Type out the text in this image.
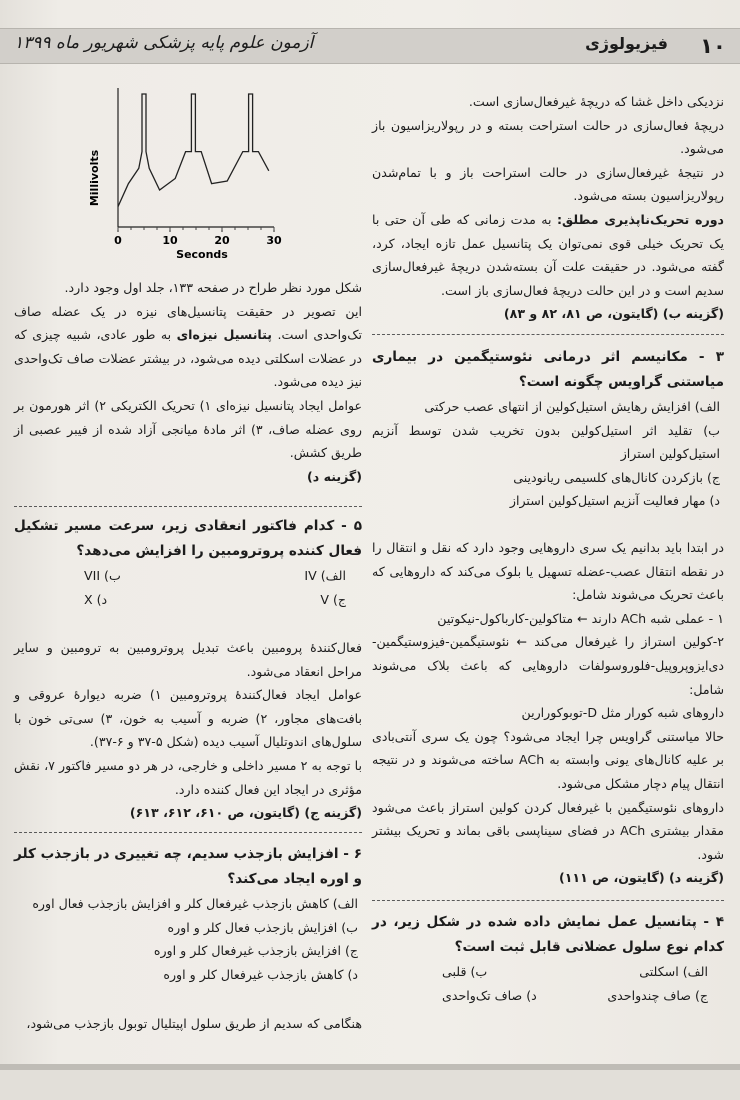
۱۰
فیزیولوژی
آزمون علوم پایه پزشکی شهریور ماه ۱۳۹۹
0	10	20	30
Millivolts
Seconds

نزدیکی داخل غشا که دریچهٔ غیرفعال‌سازی است.

دریچهٔ فعال‌سازی در حالت استراحت بسته و در رپولاریزاسیون باز می‌شود.

در نتیجهٔ غیرفعال‌سازی در حالت استراحت باز و با تمام‌شدن رپولاریزاسیون بسته می‌شود.

دوره تحریک‌ناپذیری مطلق: به مدت زمانی که طی آن حتی با یک تحریک خیلی قوی نمی‌توان یک پتانسیل عمل تازه ایجاد، کرد، گفته می‌شود. در حقیقت علت آن بسته‌شدن دریچهٔ غیرفعال‌سازی سدیم است و در این حالت دریچهٔ فعال‌سازی باز است.

(گزینه ب) (گایتون، ص ۸۱، ۸۲ و ۸۳)

۳ - مکانیسم اثر درمانی نئوستیگمین در بیماری میاستنی گراویس چگونه است؟

الف) افزایش رهایش استیل‌کولین از انتهای عصب حرکتی

ب) تقلید اثر استیل‌کولین بدون تخریب شدن توسط آنزیم استیل‌کولین استراز

ج) بازکردن کانال‌های کلسیمی ریانودینی

د) مهار فعالیت آنزیم استیل‌کولین استراز

در ابتدا باید بدانیم یک سری داروهایی وجود دارد که نقل و انتقال را در نقطه انتقال عصب-عضله تسهیل یا بلوک می‌کند که داروهایی که باعث تحریک می‌شوند شامل:

۱ - عملی شبه ACh دارند ← متاکولین-کارباکول-نیکوتین

۲-کولین استراز را غیرفعال می‌کند ← نئوستیگمین-فیزوستیگمین-دی‌ایزوپروپیل-فلوروسولفات داروهایی که باعث بلاک می‌شوند شامل:

داروهای شبه کورار مثل D-توبوکورارین

حالا میاستنی گراویس چرا ایجاد می‌شود؟ چون یک سری آنتی‌بادی بر علیه کانال‌های یونی وابسته به ACh ساخته می‌شوند و در نتیجه انتقال پیام دچار مشکل می‌شود.

داروهای نئوستیگمین با غیرفعال کردن کولین استراز باعث می‌شود مقدار بیشتری ACh در فضای سیناپسی باقی بماند و تحریک بیشتر شود.

(گزینه د) (گایتون، ص ۱۱۱)

۴ - پتانسیل عمل نمایش داده شده در شکل زیر، در کدام نوع سلول عضلانی قابل ثبت است؟

الف) اسکلتی
ب) قلبی
ج) صاف چندواحدی
د) صاف تک‌واحدی

شکل مورد نظر طراح در صفحه ۱۳۳، جلد اول وجود دارد.

این تصویر در حقیقت پتانسیل‌های نیزه در یک عضله صاف تک‌واحدی است. پتانسیل نیزه‌ای به طور عادی، شبیه چیزی که در عضلات اسکلتی دیده می‌شود، در بیشتر عضلات صاف تک‌واحدی نیز دیده می‌شود.

عوامل ایجاد پتانسیل نیزه‌ای ۱) تحریک الکتریکی ۲) اثر هورمون بر روی عضله صاف، ۳) اثر مادهٔ میانجی آزاد شده از فیبر عصبی از طریق کشش.

(گزینه د)

۵ - کدام فاکتور انعقادی زیر، سرعت مسیر تشکیل فعال کننده پروترومبین را افزایش می‌دهد؟

الف) IV
ب) VII
ج) V
د) X

فعال‌کنندهٔ پرومبین باعث تبدیل پروترومبین به ترومبین و سایر مراحل انعقاد می‌شود.

عوامل ایجاد فعال‌کنندهٔ پروترومبین ۱) ضربه دیوارهٔ عروقی و بافت‌های مجاور، ۲) ضربه و آسیب به خون، ۳) سی‌تی خون با سلول‌های اندوتلیال آسیب دیده (شکل ۵-۳۷ و ۶-۳۷).

با توجه به ۲ مسیر داخلی و خارجی، در هر دو مسیر فاکتور ۷، نقش مؤثری در ایجاد این فعال کننده دارد.

(گزینه ج) (گایتون، ص ۶۱۰، ۶۱۲، ۶۱۳)

۶ - افزایش بازجذب سدیم، چه تغییری در بازجذب کلر و اوره ایجاد می‌کند؟

الف) کاهش بازجذب غیرفعال کلر و افزایش بازجذب فعال اوره

ب) افزایش بازجذب فعال کلر و اوره

ج) افزایش بازجذب غیرفعال کلر و اوره

د) کاهش بازجذب غیرفعال کلر و اوره

هنگامی که سدیم از طریق سلول اپیتلیال توبول بازجذب می‌شود،
